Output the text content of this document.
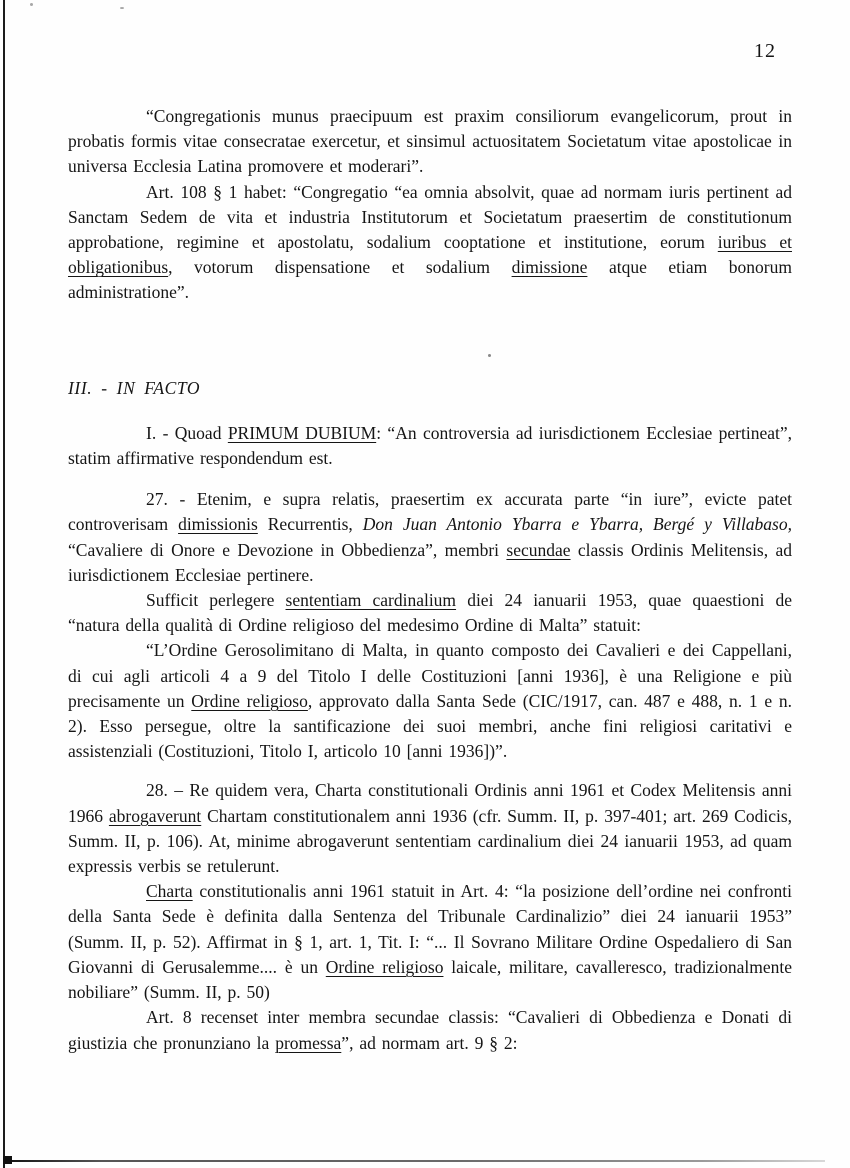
12

“Congregationis munus praecipuum est praxim consiliorum evangelicorum, prout in probatis formis vitae consecratae exercetur, et sinsimul actuositatem Societatum vitae apostolicae in universa Ecclesia Latina promovere et moderari”.

Art. 108 § 1 habet: “Congregatio “ea omnia absolvit, quae ad normam iuris pertinent ad Sanctam Sedem de vita et industria Institutorum et Societatum praesertim de constitutionum approbatione, regimine et apostolatu, sodalium cooptatione et institutione, eorum iuribus et obligationibus, votorum dispensatione et sodalium dimissione atque etiam bonorum administratione”.

III. - IN FACTO

I. - Quoad PRIMUM DUBIUM: “An controversia ad iurisdictionem Ecclesiae pertineat”, statim affirmative respondendum est.

27. - Etenim, e supra relatis, praesertim ex accurata parte “in iure”, evicte patet controverisam dimissionis Recurrentis, Don Juan Antonio Ybarra e Ybarra, Bergé y Villabaso, “Cavaliere di Onore e Devozione in Obbedienza”, membri secundae classis Ordinis Melitensis, ad iurisdictionem Ecclesiae pertinere.

Sufficit perlegere sententiam cardinalium diei 24 ianuarii 1953, quae quaestioni de “natura della qualità di Ordine religioso del medesimo Ordine di Malta” statuit:

“L’Ordine Gerosolimitano di Malta, in quanto composto dei Cavalieri e dei Cappellani, di cui agli articoli 4 a 9 del Titolo I delle Costituzioni [anni 1936], è una Religione e più precisamente un Ordine religioso, approvato dalla Santa Sede (CIC/1917, can. 487 e 488, n. 1 e n. 2). Esso persegue, oltre la santificazione dei suoi membri, anche fini religiosi caritativi e assistenziali (Costituzioni, Titolo I, articolo 10 [anni 1936])”.

28. – Re quidem vera, Charta constitutionali Ordinis anni 1961 et Codex Melitensis anni 1966 abrogaverunt Chartam constitutionalem anni 1936 (cfr. Summ. II, p. 397-401; art. 269 Codicis, Summ. II, p. 106). At, minime abrogaverunt sententiam cardinalium diei 24 ianuarii 1953, ad quam expressis verbis se retulerunt.

Charta constitutionalis anni 1961 statuit in Art. 4: “la posizione dell’ordine nei confronti della Santa Sede è definita dalla Sentenza del Tribunale Cardinalizio” diei 24 ianuarii 1953” (Summ. II, p. 52). Affirmat in § 1, art. 1, Tit. I: “... Il Sovrano Militare Ordine Ospedaliero di San Giovanni di Gerusalemme.... è un Ordine religioso laicale, militare, cavalleresco, tradizionalmente nobiliare” (Summ. II, p. 50)

Art. 8 recenset inter membra secundae classis: “Cavalieri di Obbedienza e Donati di giustizia che pronunziano la promessa”, ad normam art. 9 § 2:
